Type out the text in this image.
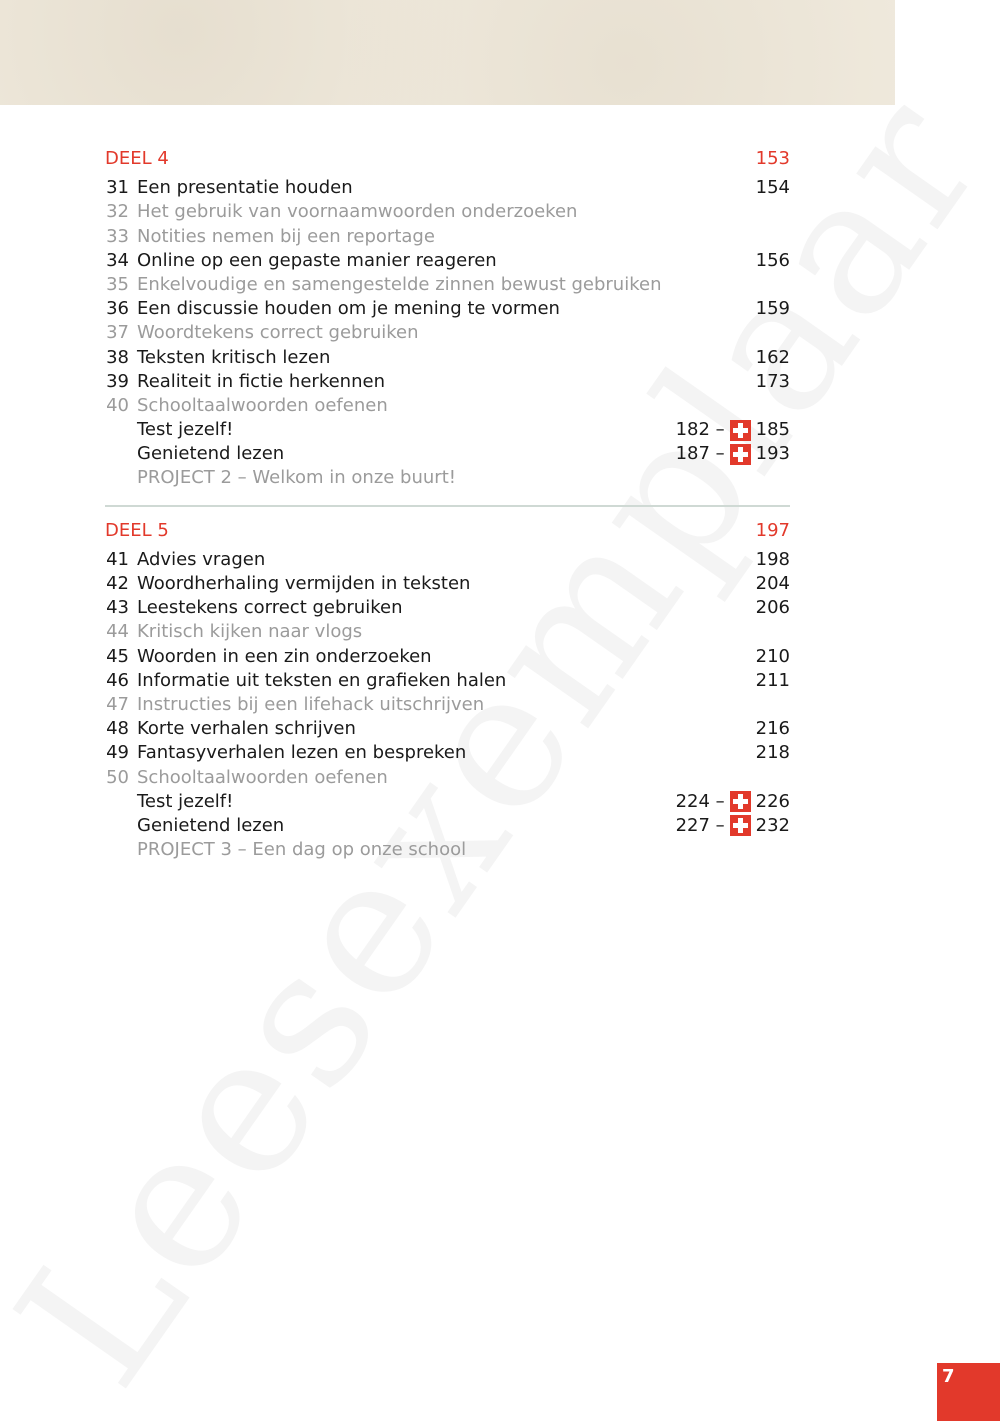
DEEL 4	153
31 Een presentatie houden	154
32 Het gebruik van voornaamwoorden onderzoeken
33 Notities nemen bij een reportage
34 Online op een gepaste manier reageren	156
35 Enkelvoudige en samengestelde zinnen bewust gebruiken
36 Een discussie houden om je mening te vormen	159
37 Woordtekens correct gebruiken
38 Teksten kritisch lezen	162
39 Realiteit in fictie herkennen	173
40 Schooltaalwoorden oefenen
Test jezelf!	182 – 185
Genietend lezen	187 – 193
PROJECT 2 – Welkom in onze buurt!
DEEL 5	197
41 Advies vragen	198
42 Woordherhaling vermijden in teksten	204
43 Leestekens correct gebruiken	206
44 Kritisch kijken naar vlogs
45 Woorden in een zin onderzoeken	210
46 Informatie uit teksten en grafieken halen	211
47 Instructies bij een lifehack uitschrijven
48 Korte verhalen schrijven	216
49 Fantasyverhalen lezen en bespreken	218
50 Schooltaalwoorden oefenen
Test jezelf!	224 – 226
Genietend lezen	227 – 232
PROJECT 3 – Een dag op onze school
7
